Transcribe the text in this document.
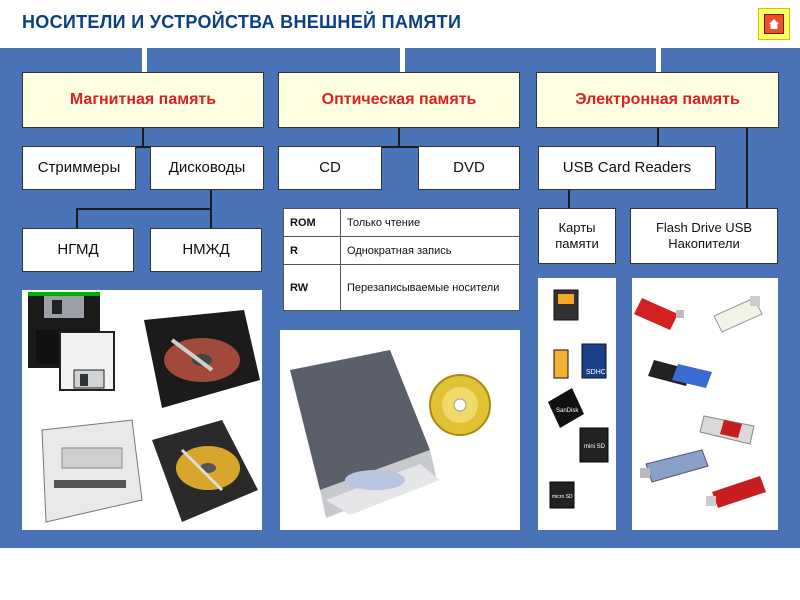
НОСИТЕЛИ И УСТРОЙСТВА ВНЕШНЕЙ ПАМЯТИ
Магнитная память	Оптическая память	Электронная память
Стриммеры	Дисководы
НГМД	НМЖД
CD	DVD
ROM	Только чтение
R	Однократная запись
RW	Перезаписываемые носители
USB Card Readers
Карты памяти
Flash Drive USB Накопители
SDHC
SanDisk
mini SD
micro SD
